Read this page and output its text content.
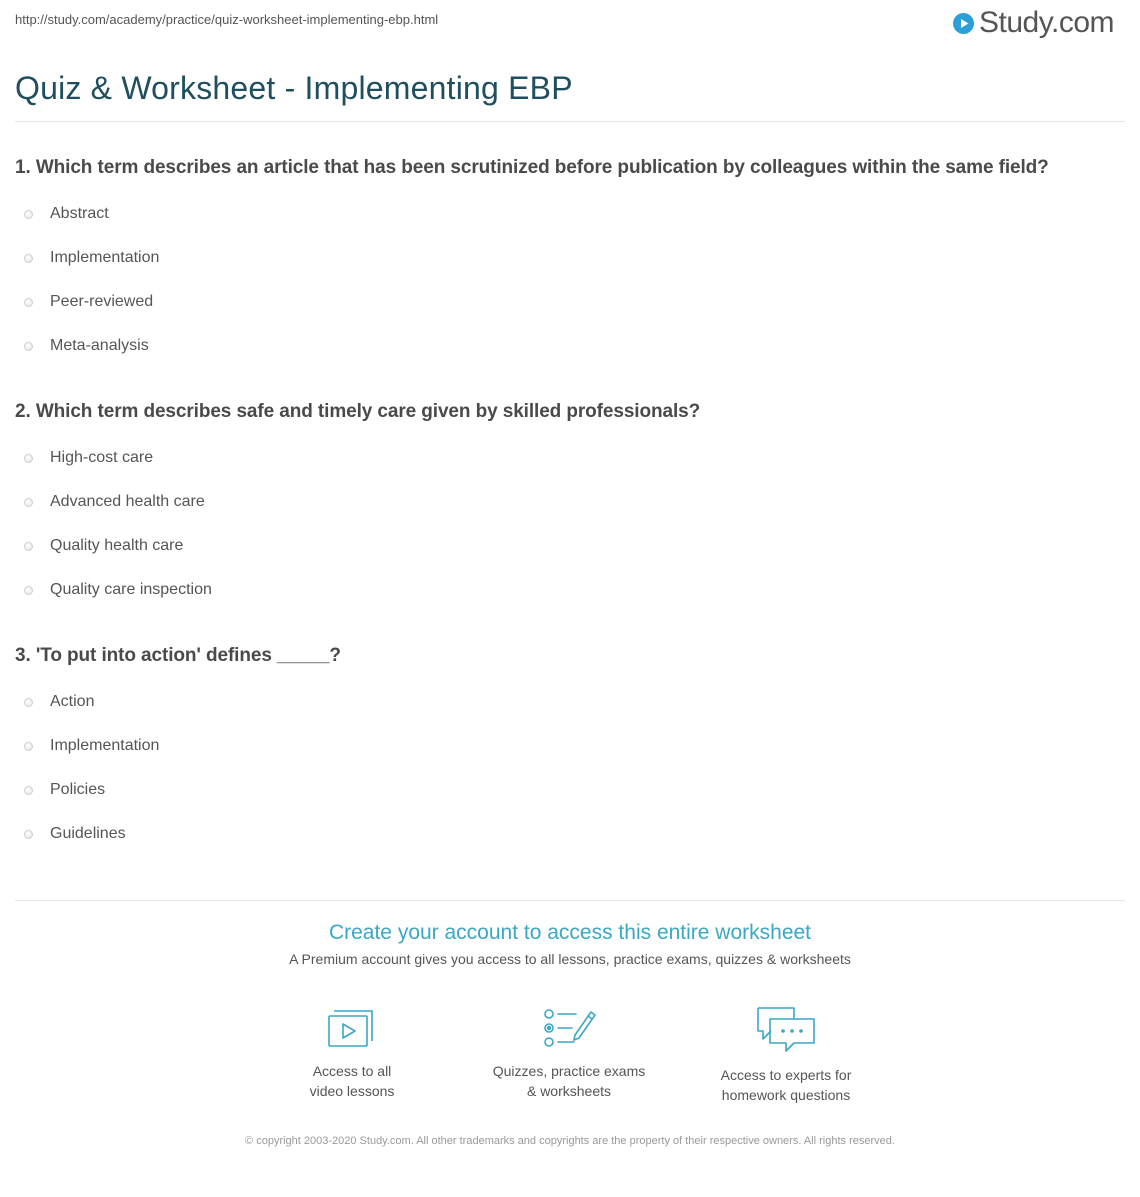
http://study.com/academy/practice/quiz-worksheet-implementing-ebp.html	Study.com
Quiz & Worksheet - Implementing EBP

1. Which term describes an article that has been scrutinized before publication by colleagues within the same field?

Abstract
Implementation
Peer-reviewed
Meta-analysis

2. Which term describes safe and timely care given by skilled professionals?

High-cost care
Advanced health care
Quality health care
Quality care inspection

3. 'To put into action' defines _____?

Action
Implementation
Policies
Guidelines
Create your account to access this entire worksheet
A Premium account gives you access to all lessons, practice exams, quizzes & worksheets
Access to all
video lessons
Quizzes, practice exams
& worksheets
Access to experts for
homework questions
© copyright 2003-2020 Study.com. All other trademarks and copyrights are the property of their respective owners. All rights reserved.
